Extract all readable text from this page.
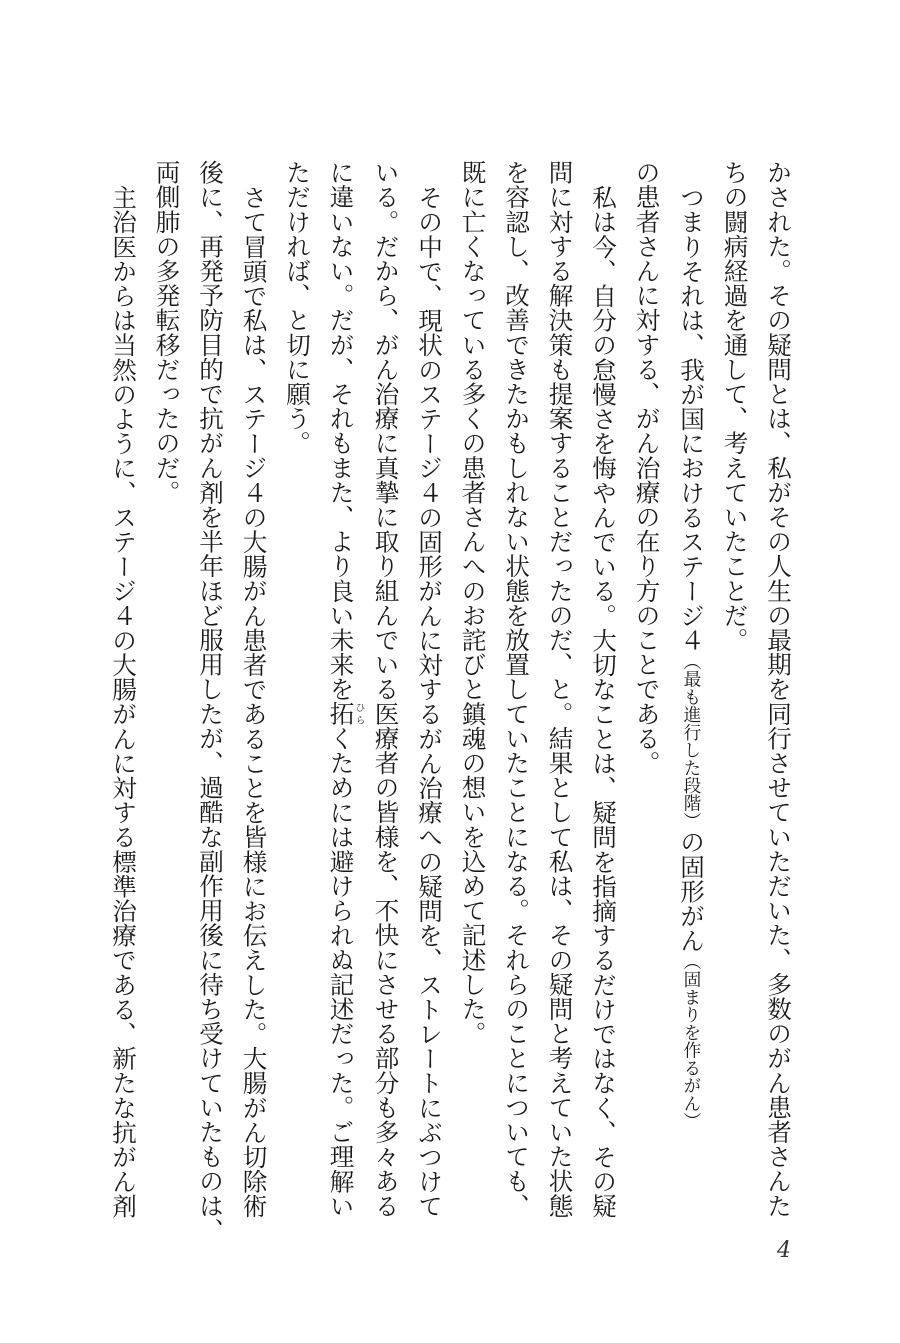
かされた。その疑問とは、私がその人生の最期を同行させていただいた、多数のがん患者さんた
ちの闘病経過を通して、考えていたことだ。
つまりそれは、我が国におけるステージ４（最も進行した段階）の固形がん（固まりを作るがん）
の患者さんに対する、がん治療の在り方のことである。
私は今、自分の怠慢さを悔やんでいる。大切なことは、疑問を指摘するだけではなく、その疑
問に対する解決策も提案することだったのだ、と。結果として私は、その疑問と考えていた状態
を容認し、改善できたかもしれない状態を放置していたことになる。それらのことについても、
既に亡くなっている多くの患者さんへのお詫びと鎮魂の想いを込めて記述した。
その中で、現状のステージ４の固形がんに対するがん治療への疑問を、ストレートにぶつけて
いる。だから、がん治療に真摯に取り組んでいる医療者の皆様を、不快にさせる部分も多々ある
に違いない。だが、それもまた、より良い未来を拓ひらくためには避けられぬ記述だった。ご理解い
ただければ、と切に願う。
さて冒頭で私は、ステージ４の大腸がん患者であることを皆様にお伝えした。大腸がん切除術
後に、再発予防目的で抗がん剤を半年ほど服用したが、過酷な副作用後に待ち受けていたものは、
両側肺の多発転移だったのだ。
主治医からは当然のように、ステージ４の大腸がんに対する標準治療である、新たな抗がん剤
4
